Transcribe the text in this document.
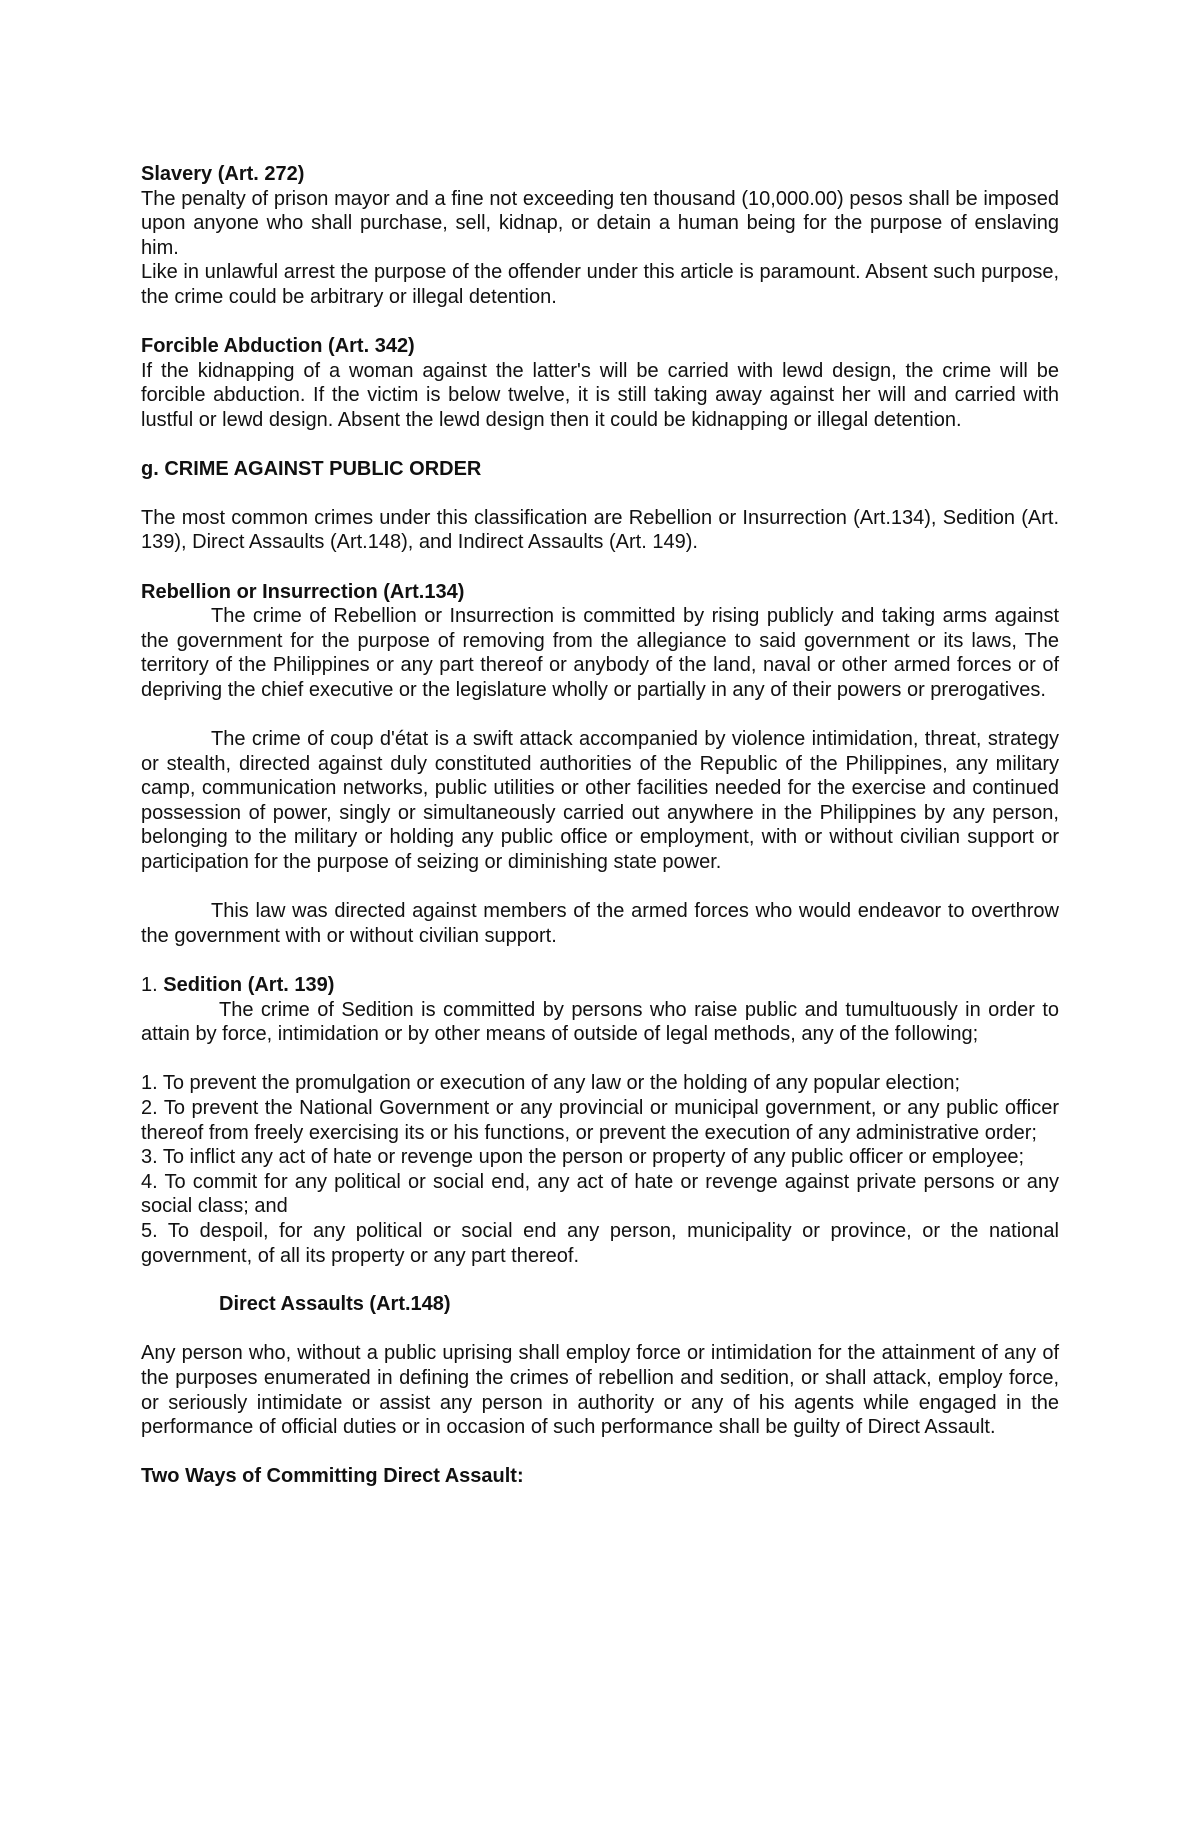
Slavery (Art. 272)

The penalty of prison mayor and a fine not exceeding ten thousand (10,000.00) pesos shall be imposed upon anyone who shall purchase, sell, kidnap, or detain a human being for the purpose of enslaving him.

Like in unlawful arrest the purpose of the offender under this article is paramount. Absent such purpose, the crime could be arbitrary or illegal detention.

Forcible Abduction (Art. 342)

If the kidnapping of a woman against the latter's will be carried with lewd design, the crime will be forcible abduction. If the victim is below twelve, it is still taking away against her will and carried with lustful or lewd design. Absent the lewd design then it could be kidnapping or illegal detention.

g. CRIME AGAINST PUBLIC ORDER

The most common crimes under this classification are Rebellion or Insurrection (Art.134), Sedition (Art. 139), Direct Assaults (Art.148), and Indirect Assaults (Art. 149).

Rebellion or Insurrection (Art.134)

The crime of Rebellion or Insurrection is committed by rising publicly and taking arms against the government for the purpose of removing from the allegiance to said government or its laws, The territory of the Philippines or any part thereof or anybody of the land, naval or other armed forces or of depriving the chief executive or the legislature wholly or partially in any of their powers or prerogatives.

The crime of coup d'état is a swift attack accompanied by violence intimidation, threat, strategy or stealth, directed against duly constituted authorities of the Republic of the Philippines, any military camp, communication networks, public utilities or other facilities needed for the exercise and continued possession of power, singly or simultaneously carried out anywhere in the Philippines by any person, belonging to the military or holding any public office or employment, with or without civilian support or participation for the purpose of seizing or diminishing state power.

This law was directed against members of the armed forces who would endeavor to overthrow the government with or without civilian support.

1. Sedition (Art. 139)

The crime of Sedition is committed by persons who raise public and tumultuously in order to attain by force, intimidation or by other means of outside of legal methods, any of the following;

1. To prevent the promulgation or execution of any law or the holding of any popular election;

2. To prevent the National Government or any provincial or municipal government, or any public officer thereof from freely exercising its or his functions, or prevent the execution of any administrative order;

3. To inflict any act of hate or revenge upon the person or property of any public officer or employee;

4. To commit for any political or social end, any act of hate or revenge against private persons or any social class; and

5. To despoil, for any political or social end any person, municipality or province, or the national government, of all its property or any part thereof.

Direct Assaults (Art.148)

Any person who, without a public uprising shall employ force or intimidation for the attainment of any of the purposes enumerated in defining the crimes of rebellion and sedition, or shall attack, employ force, or seriously intimidate or assist any person in authority or any of his agents while engaged in the performance of official duties or in occasion of such performance shall be guilty of Direct Assault.

Two Ways of Committing Direct Assault:
